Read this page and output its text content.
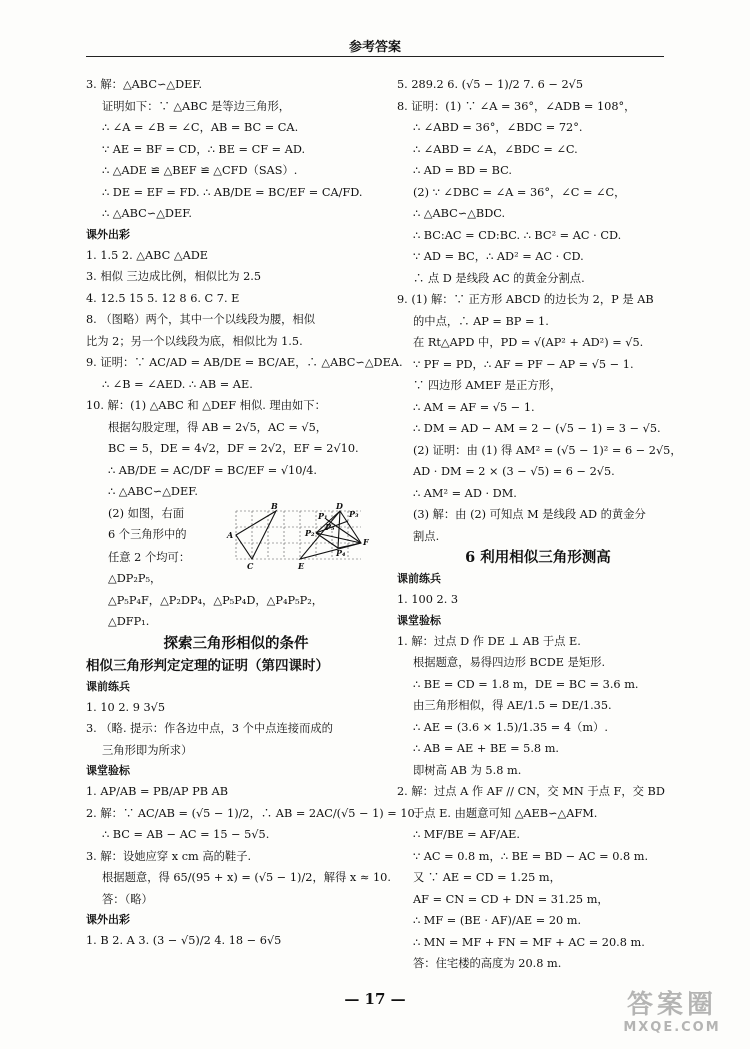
参考答案
3. 解：△ABC∽△DEF.
证明如下：∵ △ABC 是等边三角形，
∴ ∠A = ∠B = ∠C，AB = BC = CA.
∵ AE = BF = CD，∴ BE = CF = AD.
∴ △ADE ≌ △BEF ≌ △CFD（SAS）.
∴ DE = EF = FD. ∴ AB/DE = BC/EF = CA/FD.
∴ △ABC∽△DEF.
课外出彩
1. 1.5 2. △ABC △ADE
3. 相似 三边成比例，相似比为 2.5
4. 12.5 15 5. 12 8 6. C 7. E
8. （图略）两个，其中一个以线段为腰，相似
比为 2；另一个以线段为底，相似比为 1.5.
9. 证明：∵ AC/AD = AB/DE = BC/AE，∴ △ABC∽△DEA.
∴ ∠B = ∠AED. ∴ AB = AE.
10. 解：(1) △ABC 和 △DEF 相似. 理由如下：
根据勾股定理，得 AB = 2√5，AC = √5，
BC = 5，DE = 4√2，DF = 2√2，EF = 2√10.
∴ AB/DE = AC/DF = BC/EF = √10/4.
∴ △ABC∽△DEF.
(2) 如图，右面
6 个三角形中的	A
B
C
D
E
F
P₁
P₂
P₃
P₄
P₅
任意 2 个均可：
△DP₂P₅，
△P₅P₄F，△P₂DP₄，△P₅P₄D，△P₄P₅P₂，
△DFP₁.
探索三角形相似的条件
相似三角形判定定理的证明（第四课时）
课前练兵
1. 10 2. 9 3√5
3. （略. 提示：作各边中点，3 个中点连接而成的
三角形即为所求）
课堂验标
1. AP/AB = PB/AP PB AB
2. 解：∵ AC/AB = (√5 − 1)/2，∴ AB = 2AC/(√5 − 1) = 10.
∴ BC = AB − AC = 15 − 5√5.
3. 解：设她应穿 x cm 高的鞋子.
根据题意，得 65/(95 + x) = (√5 − 1)/2，解得 x ≈ 10.
答：（略）
课外出彩
1. B 2. A 3. (3 − √5)/2 4. 18 − 6√5
5. 289.2 6. (√5 − 1)/2 7. 6 − 2√5
8. 证明：(1) ∵ ∠A = 36°，∠ADB = 108°，
∴ ∠ABD = 36°，∠BDC = 72°.
∴ ∠ABD = ∠A，∠BDC = ∠C.
∴ AD = BD = BC.
(2) ∵ ∠DBC = ∠A = 36°，∠C = ∠C，
∴ △ABC∽△BDC.
∴ BC:AC = CD:BC. ∴ BC² = AC · CD.
∵ AD = BC，∴ AD² = AC · CD.
∴ 点 D 是线段 AC 的黄金分割点.
9. (1) 解：∵ 正方形 ABCD 的边长为 2，P 是 AB
的中点，∴ AP = BP = 1.
在 Rt△APD 中，PD = √(AP² + AD²) = √5.
∵ PF = PD，∴ AF = PF − AP = √5 − 1.
∵ 四边形 AMEF 是正方形，
∴ AM = AF = √5 − 1.
∴ DM = AD − AM = 2 − (√5 − 1) = 3 − √5.
(2) 证明：由 (1) 得 AM² = (√5 − 1)² = 6 − 2√5，
AD · DM = 2 × (3 − √5) = 6 − 2√5.
∴ AM² = AD · DM.
(3) 解：由 (2) 可知点 M 是线段 AD 的黄金分
割点.
6 利用相似三角形测高
课前练兵
1. 100 2. 3
课堂验标
1. 解：过点 D 作 DE ⊥ AB 于点 E.
根据题意，易得四边形 BCDE 是矩形.
∴ BE = CD = 1.8 m，DE = BC = 3.6 m.
由三角形相似，得 AE/1.5 = DE/1.35.
∴ AE = (3.6 × 1.5)/1.35 = 4（m）.
∴ AB = AE + BE = 5.8 m.
即树高 AB 为 5.8 m.
2. 解：过点 A 作 AF // CN，交 MN 于点 F，交 BD
于点 E. 由题意可知 △AEB∽△AFM.
∴ MF/BE = AF/AE.
∵ AC = 0.8 m，∴ BE = BD − AC = 0.8 m.
又 ∵ AE = CD = 1.25 m，
AF = CN = CD + DN = 31.25 m，
∴ MF = (BE · AF)/AE = 20 m.
∴ MN = MF + FN = MF + AC = 20.8 m.
答：住宅楼的高度为 20.8 m.
— 17 —	答案圈
MXQE.COM
